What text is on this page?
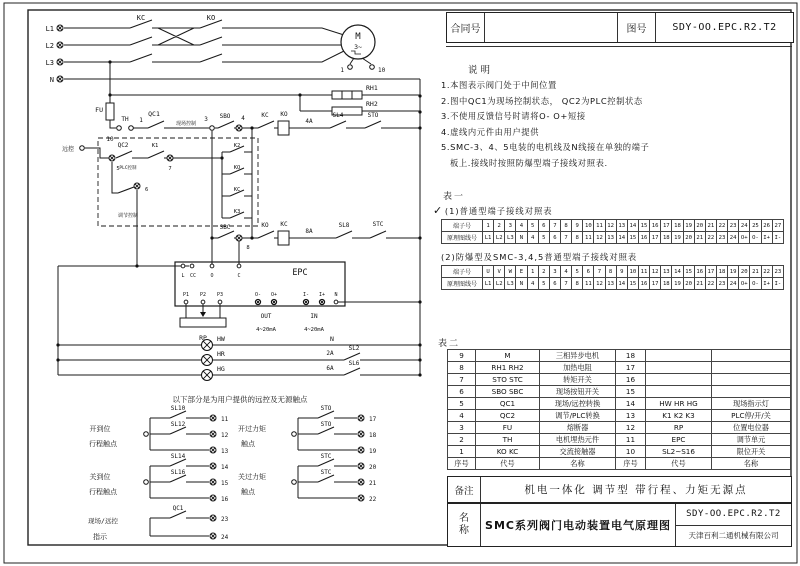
L1
L2
L3
N
KC	KO
M
3~
1	10
RH1
RH2
FU
TH
10
1
QC1
现场控制
远控
QC2
PLC控制
5
K1
7
6
调节控制
K2
KO
KC
K3
3 SBO 4	KC KO
4A
SL4	STO
SBC
8
KO KC
8A
SL8	STC
EPC
L CC	O	C
P1 P2 P3	O- O+	I- I+ N
OUT
4~20mA
IN
4~20mA
RP HW	N
HR	2A
SL2
HG	6A
SL6
以下部分是为用户提供的远控及无源触点
开到位
行程触点
SL10
SL12
11
12
13
关到位
行程触点
SL14
SL16
14
15
16
现场/远控
指示
QC1
23
24
开过力矩
触点
STO
STO
17
18
19
关过力矩
触点
STC
STC
20
21
22
合同号	图号	SDY-OO.EPC.R2.T2
说 明
1.本图表示阀门处于中间位置
2.图中QC1为现场控制状态， QC2为PLC控制状态
3.不使用反馈信号时请将O- O+短接
4.虚线内元件由用户提供
5.SMC-3、4、5电装的电机线及N线接在单独的端子
板上.接线时按照防爆型端子接线对照表.
表一
✓ (1)普通型端子接线对照表
端子号	1	2	3	4	5	6	7	8	9	10	11	12	13	14	15	16	17	18	19	20	21	22	23	24	25	26	27
原理图线号	L1	L2	L3	N	4	5	6	7	8	11	12	13	14	15	16	17	18	19	20	21	22	23	24	O+	O-	I+	I-
(2)防爆型及SMC-3,4,5普通型端子接线对照表
端子号	U	V	W	E	1	2	3	4	5	6	7	8	9	10	11	12	13	14	15	16	17	18	19	20	21	22	23
原理图线号	L1	L2	L3	N	4	5	6	7	8	11	12	13	14	15	16	17	18	19	20	21	22	23	24	O+	O-	I+	I-
表二
9	M	三相异步电机	18		
8	RH1 RH2	加热电阻	17		
7	STO STC	转矩开关	16		
6	SBO SBC	现场按钮开关	15		
5	QC1	现场/远控转换	14	HW HR HG	现场指示灯
4	QC2	调节/PLC转换	13	K1 K2 K3	PLC停/开/关
3	FU	熔断器	12	RP	位置电位器
2	TH	电机埋热元件	11	EPC	调节单元
1	KO KC	交流接触器	10	SL2~S16	限位开关
序号	代号	名称	序号	代号	名称
备注	机电一体化 调节型 带行程、力矩无源点
名称	SMC系列阀门电动装置电气原理图
SDY-OO.EPC.R2.T2
天津百利二通机械有限公司
